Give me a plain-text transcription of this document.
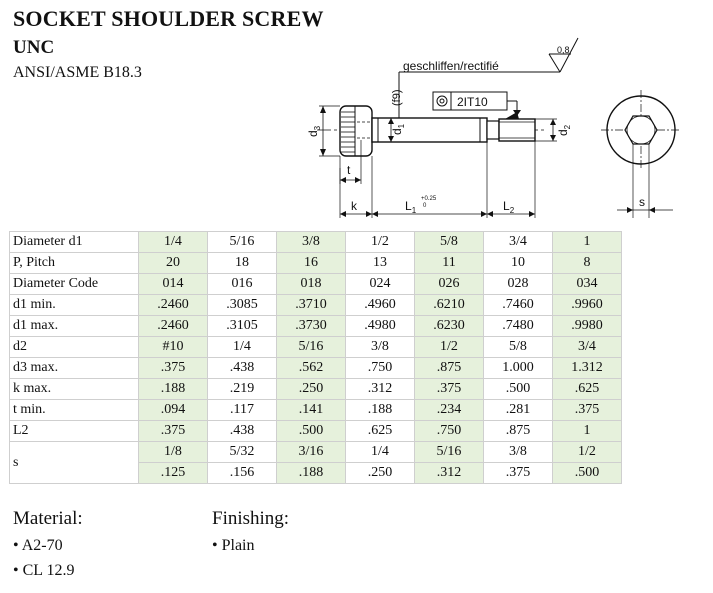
SOCKET SHOULDER SCREW
UNC
ANSI/ASME B18.3	geschliffen/rectifié
0,8
(f9)	2IT10
$d_3$
$d_1$
$d_2$
t
k	$L_1$
+0.25
0	$L_2$
s
Diameter d1	1/4	5/16	3/8	1/2	5/8	3/4	1
P, Pitch	20	18	16	13	11	10	8
Diameter Code	014	016	018	024	026	028	034
d1 min.	.2460	.3085	.3710	.4960	.6210	.7460	.9960
d1 max.	.2460	.3105	.3730	.4980	.6230	.7480	.9980
d2	#10	1/4	5/16	3/8	1/2	5/8	3/4
d3 max.	.375	.438	.562	.750	.875	1.000	1.312
k max.	.188	.219	.250	.312	.375	.500	.625
t min.	.094	.117	.141	.188	.234	.281	.375
L2	.375	.438	.500	.625	.750	.875	1
s	1/8	5/32	3/16	1/4	5/16	3/8	1/2
	.125	.156	.188	.250	.312	.375	.500
Material:
• A2-70
• CL 12.9
Finishing:
• Plain
